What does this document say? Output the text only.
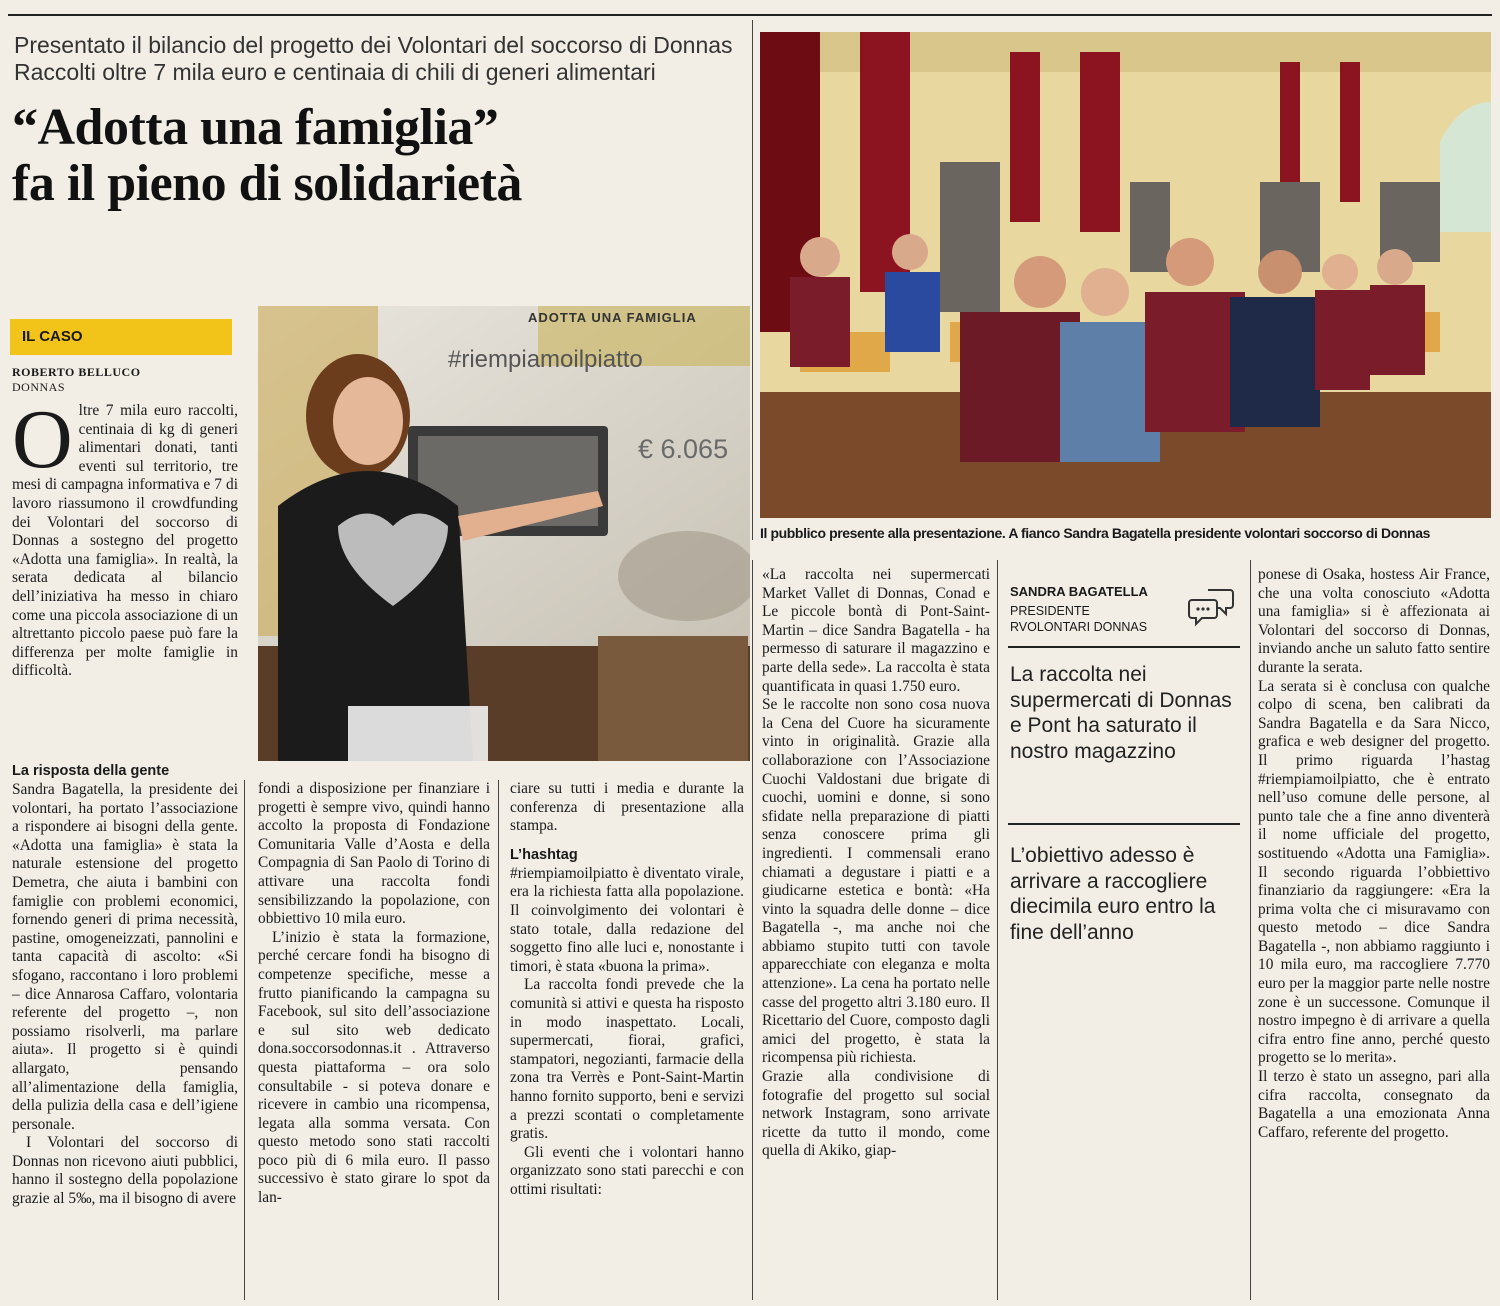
Presentato il bilancio del progetto dei Volontari del soccorso di Donnas
Raccolti oltre 7 mila euro e centinaia di chili di generi alimentari
“Adotta una famiglia”
fa il pieno di solidarietà
IL CASO
ROBERTO BELLUCO
DONNAS
#riempiamoilpiatto
ADOTTA UNA FAMIGLIA
€ 6.065
Il pubblico presente alla presentazione. A fianco Sandra Bagatella presidente volontari soccorso di Donnas

Oltre 7 mila euro raccolti, centinaia di kg di generi alimentari donati, tanti eventi sul territorio, tre mesi di campagna informativa e 7 di lavoro riassumono il crowdfunding dei Volontari del soccorso di Donnas a sostegno del progetto «Adotta una famiglia». In realtà, la serata dedicata al bilancio dell’iniziativa ha messo in chiaro come una piccola associazione di un altrettanto piccolo paese può fare la differenza per molte famiglie in difficoltà.

La risposta della gente

Sandra Bagatella, la presidente dei volontari, ha portato l’associazione a rispondere ai bisogni della gente. «Adotta una famiglia» è stata la naturale estensione del progetto Demetra, che aiuta i bambini con famiglie con problemi economici, fornendo generi di prima necessità, pastine, omogeneizzati, pannolini e tanta capacità di ascolto: «Si sfogano, raccontano i loro problemi – dice Annarosa Caffaro, volontaria referente del progetto –, non possiamo risolverli, ma parlare aiuta». Il progetto si è quindi allargato, pensando all’alimentazione della famiglia, della pulizia della casa e dell’igiene personale.

I Volontari del soccorso di Donnas non ricevono aiuti pubblici, hanno il sostegno della popolazione grazie al 5‰, ma il bisogno di avere

fondi a disposizione per finanziare i progetti è sempre vivo, quindi hanno accolto la proposta di Fondazione Comunitaria Valle d’Aosta e della Compagnia di San Paolo di Torino di attivare una raccolta fondi sensibilizzando la popolazione, con obbiettivo 10 mila euro.

L’inizio è stata la formazione, perché cercare fondi ha bisogno di competenze specifiche, messe a frutto pianificando la campagna su Facebook, sul sito dell’associazione e sul sito web dedicato dona.soccorsodonnas.it . Attraverso questa piattaforma – ora solo consultabile - si poteva donare e ricevere in cambio una ricompensa, legata alla somma versata. Con questo metodo sono stati raccolti poco più di 6 mila euro. Il passo successivo è stato girare lo spot da lan-

ciare su tutti i media e durante la conferenza di presentazione alla stampa.

L’hashtag

#riempiamoilpiatto è diventato virale, era la richiesta fatta alla popolazione. Il coinvolgimento dei volontari è stato totale, dalla redazione del soggetto fino alle luci e, nonostante i timori, è stata «buona la prima».

La raccolta fondi prevede che la comunità si attivi e questa ha risposto in modo inaspettato. Locali, supermercati, fiorai, grafici, stampatori, negozianti, farmacie della zona tra Verrès e Pont-Saint-Martin hanno fornito supporto, beni e servizi a prezzi scontati o completamente gratis.

Gli eventi che i volontari hanno organizzato sono stati parecchi e con ottimi risultati:

«La raccolta nei supermercati Market Vallet di Donnas, Conad e Le piccole bontà di Pont-Saint-Martin – dice Sandra Bagatella - ha permesso di saturare il magazzino e parte della sede». La raccolta è stata quantificata in quasi 1.750 euro.

Se le raccolte non sono cosa nuova la Cena del Cuore ha sicuramente vinto in originalità. Grazie alla collaborazione con l’Associazione Cuochi Valdostani due brigate di cuochi, uomini e donne, si sono sfidate nella preparazione di piatti senza conoscere prima gli ingredienti. I commensali erano chiamati a degustare i piatti e a giudicarne estetica e bontà: «Ha vinto la squadra delle donne – dice Bagatella -, ma anche noi che abbiamo stupito tutti con tavole apparecchiate con eleganza e molta attenzione». La cena ha portato nelle casse del progetto altri 3.180 euro. Il Ricettario del Cuore, composto dagli amici del progetto, è stata la ricompensa più richiesta.

Grazie alla condivisione di fotografie del progetto sul social network Instagram, sono arrivate ricette da tutto il mondo, come quella di Akiko, giap-

SANDRA BAGATELLA
PRESIDENTE
RVOLONTARI DONNAS
La raccolta nei supermercati di Donnas e Pont ha saturato il nostro magazzino
L’obiettivo adesso è arrivare a raccogliere diecimila euro entro la fine dell’anno

ponese di Osaka, hostess Air France, che una volta conosciuto «Adotta una famiglia» si è affezionata ai Volontari del soccorso di Donnas, inviando anche un saluto fatto sentire durante la serata.

La serata si è conclusa con qualche colpo di scena, ben calibrati da Sandra Bagatella e da Sara Nicco, grafica e web designer del progetto. Il primo riguarda l’hastag #riempiamoilpiatto, che è entrato nell’uso comune delle persone, al punto tale che a fine anno diventerà il nome ufficiale del progetto, sostituendo «Adotta una Famiglia». Il secondo riguarda l’obbiettivo finanziario da raggiungere: «Era la prima volta che ci misuravamo con questo metodo – dice Sandra Bagatella -, non abbiamo raggiunto i 10 mila euro, ma raccogliere 7.770 euro per la maggior parte nelle nostre zone è un successone. Comunque il nostro impegno è di arrivare a quella cifra entro fine anno, perché questo progetto se lo merita».

Il terzo è stato un assegno, pari alla cifra raccolta, consegnato da Bagatella a una emozionata Anna Caffaro, referente del progetto.
